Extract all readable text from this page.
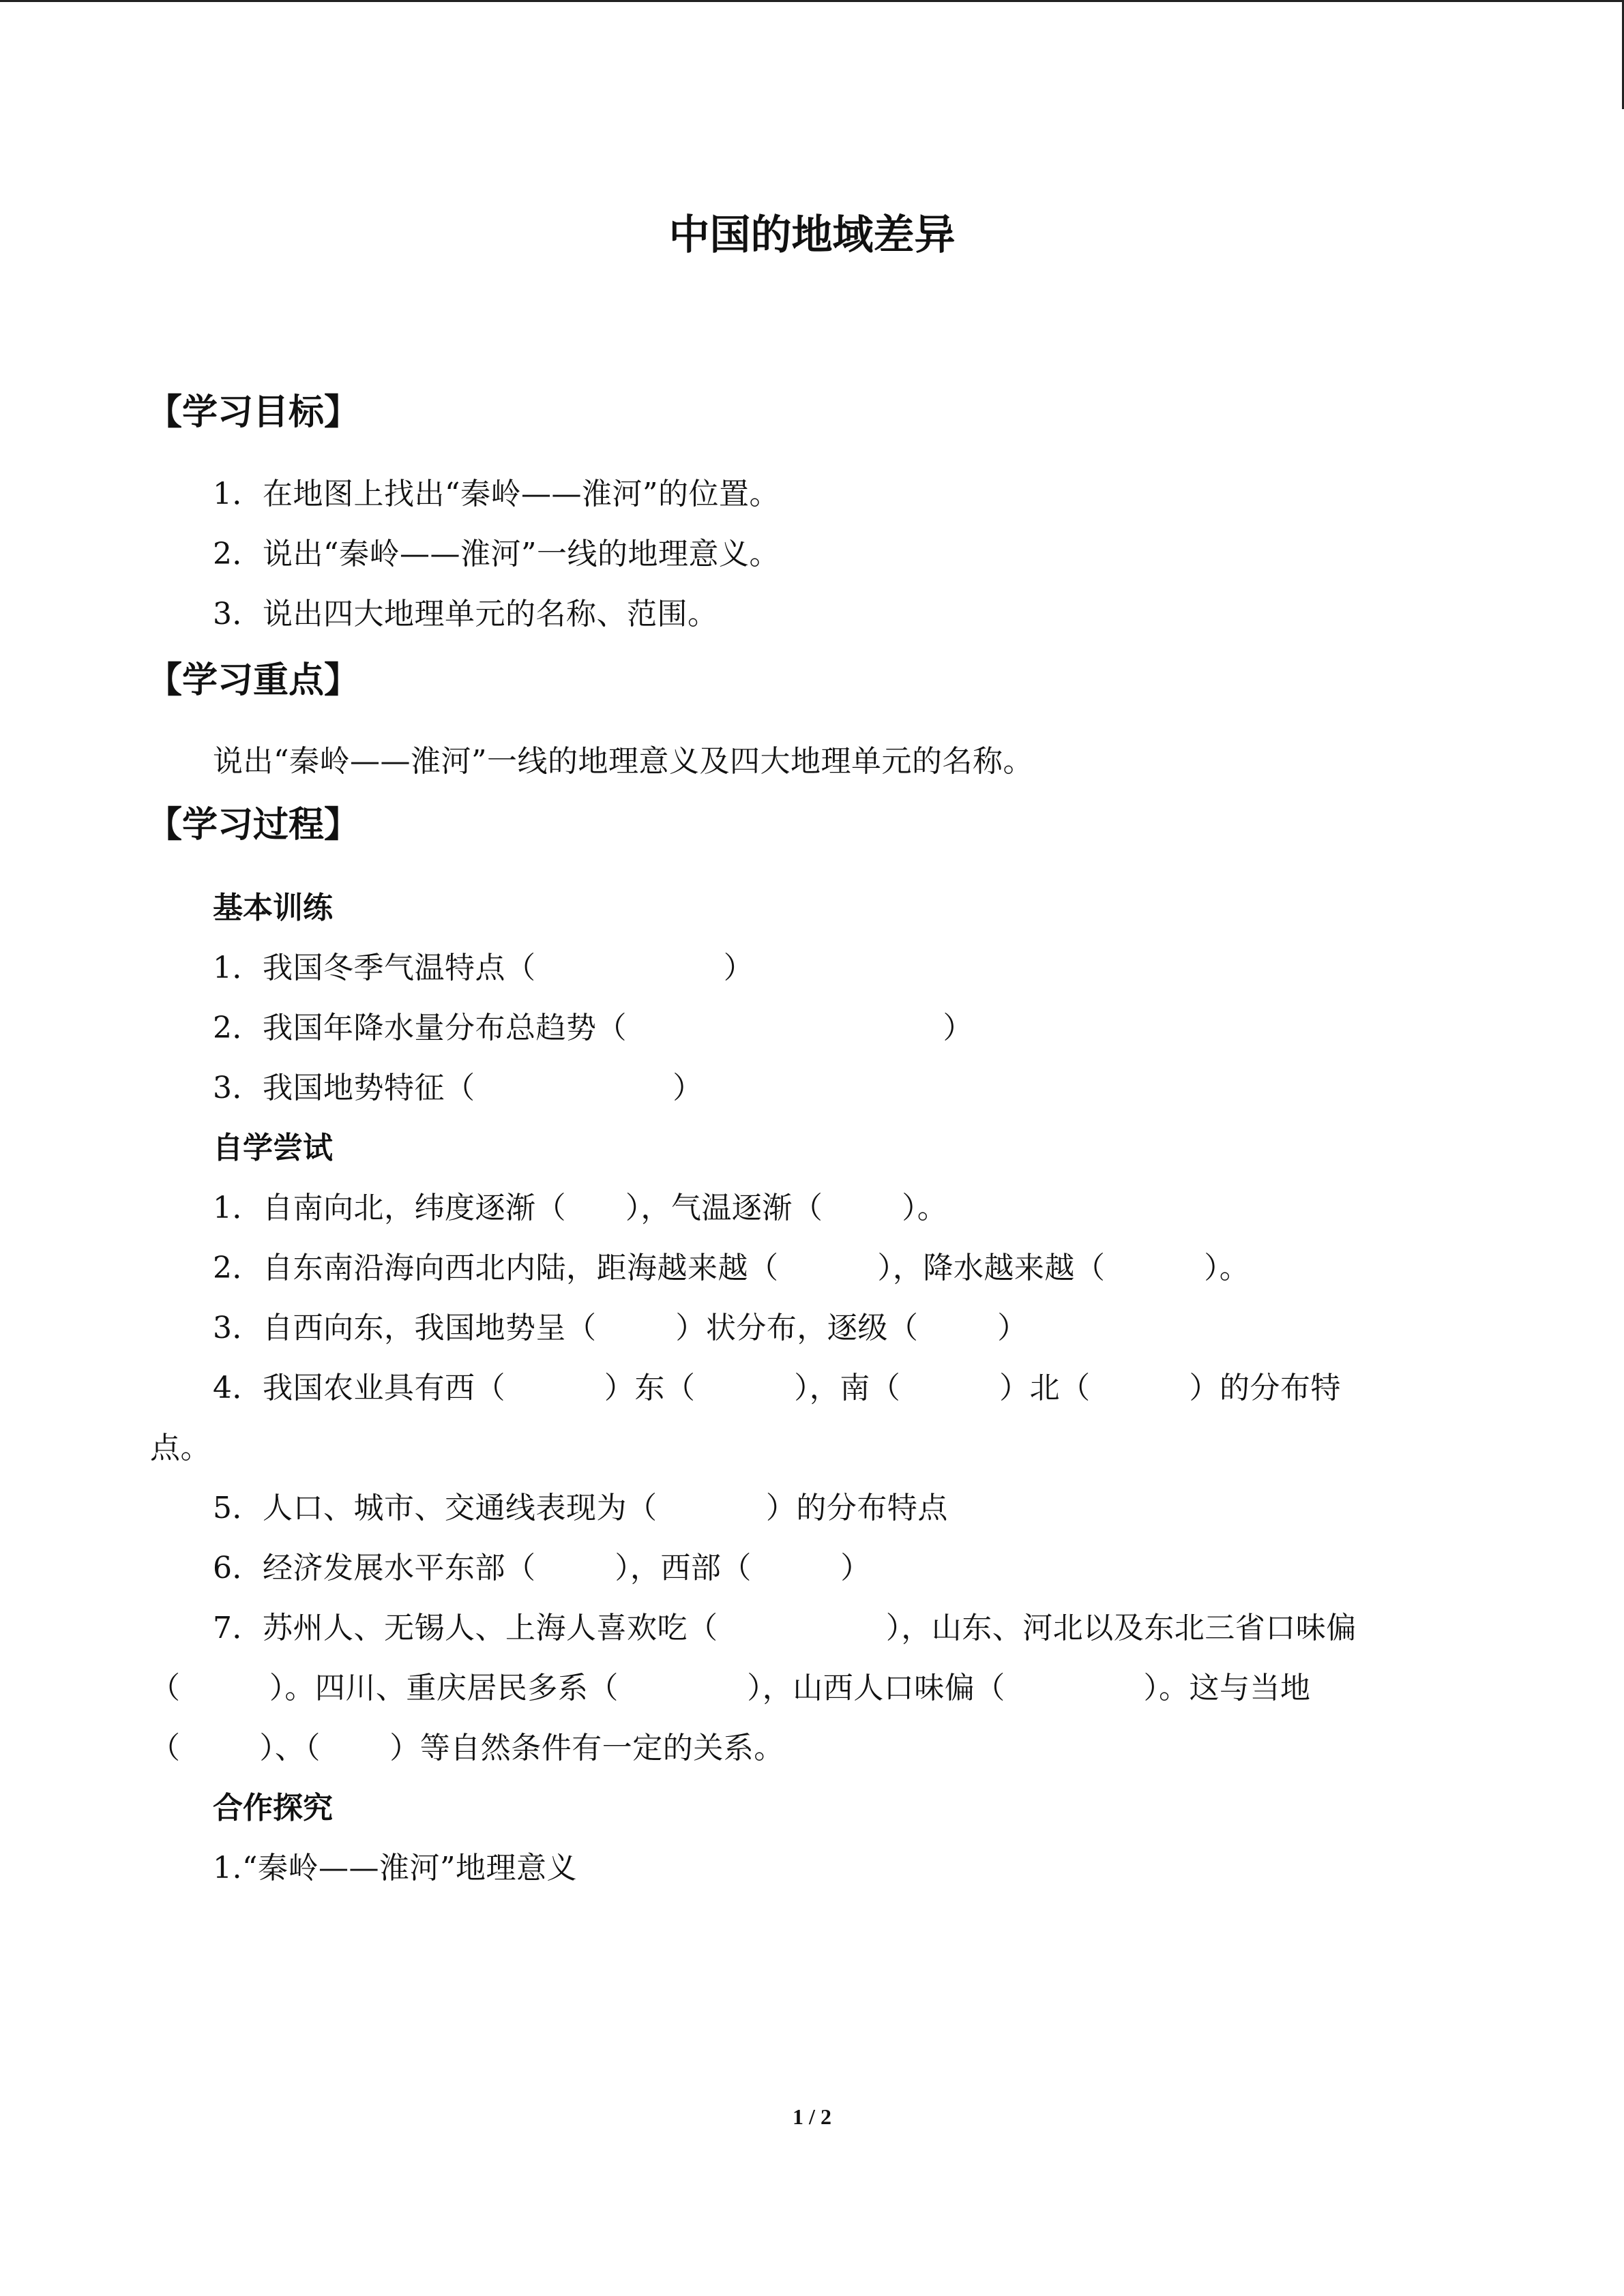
中国的地域差异
【学习目标】
1．在地图上找出“秦岭——淮河”的位置。
2．说出“秦岭——淮河”一线的地理意义。
3．说出四大地理单元的名称、范围。
【学习重点】
说出“秦岭——淮河”一线的地理意义及四大地理单元的名称。
【学习过程】
基本训练
1．我国冬季气温特点（                   ）
2．我国年降水量分布总趋势（                                ）
3．我国地势特征（                    ）
自学尝试
1．自南向北，纬度逐渐（      ），气温逐渐（        ）。
2．自东南沿海向西北内陆，距海越来越（          ），降水越来越（          ）。
3．自西向东，我国地势呈（        ）状分布，逐级（        ）
4．我国农业具有西（          ）东（          ），南（          ）北（          ）的分布特
点。
5．人口、城市、交通线表现为（           ）的分布特点
6．经济发展水平东部（        ），西部（         ）
7．苏州人、无锡人、上海人喜欢吃（                 ），山东、河北以及东北三省口味偏
（         ）。四川、重庆居民多系（             ），山西人口味偏（              ）。这与当地
（        ）、（       ）等自然条件有一定的关系。
合作探究
1.“秦岭——淮河”地理意义
1 / 2
